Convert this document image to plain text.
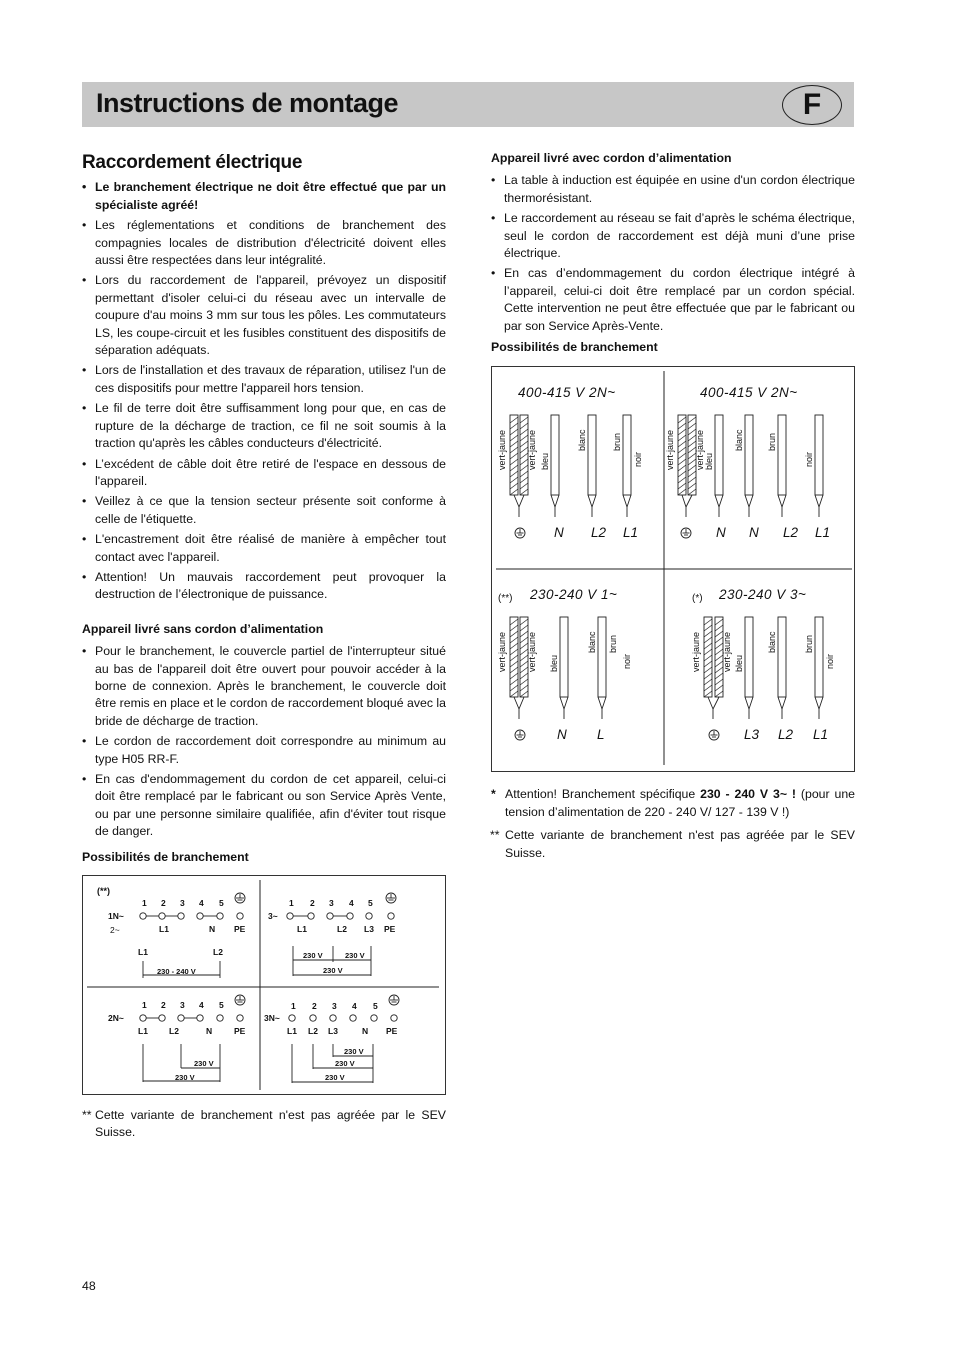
Instructions de montage	F
Raccordement électrique
• Le branchement électrique ne doit être effectué que par un spécialiste agréé!
• Les réglementations et conditions de branchement des compagnies locales de distribution d'électricité doivent elles aussi être respectées dans leur intégralité.
• Lors du raccordement de l'appareil, prévoyez un dispositif permettant d'isoler celui-ci du réseau avec un intervalle de coupure d'au moins 3 mm sur tous les pôles. Les commutateurs LS, les coupe-circuit et les fusibles constituent des dispositifs de séparation adéquats.
• Lors de l'installation et des travaux de réparation, utilisez l'un de ces dispositifs pour mettre l'appareil hors tension.
• Le fil de terre doit être suffisamment long pour que, en cas de rupture de la décharge de traction, ce fil ne soit soumis à la traction qu'après les câbles conducteurs d'électricité.
• L’excédent de câble doit être retiré de l'espace en dessous de l'appareil.
• Veillez à ce que la tension secteur présente soit conforme à celle de l'étiquette.
• L'encastrement doit être réalisé de manière à empêcher tout contact avec l'appareil.
• Attention! Un mauvais raccordement peut provoquer la destruction de l’électronique de puissance.
Appareil livré sans cordon d’alimentation
• Pour le branchement, le couvercle partiel de l'interrupteur situé au bas de l'appareil doit être ouvert pour pouvoir accéder à la borne de connexion. Après le branchement, le couvercle doit être remis en place et le cordon de raccordement bloqué avec la bride de décharge de traction.
• Le cordon de raccordement doit correspondre au minimum au type H05 RR-F.
• En cas d'endommagement du cordon de cet appareil, celui-ci doit être remplacé par le fabricant ou son Service Après Vente, ou par une personne similaire qualifiée, afin d'éviter tout risque de danger.
Possibilités de branchement
(**)
1 2 3 4 5
1N~
2~	L1	N PE
L1	L2
230 - 240 V
1 2 3 4 5
3~
L1	L2 L3 PE
230 V	230 V
230 V
1 2 3 4 5
2N~
L1 L2	N	PE
230 V
230 V
1 2 3 4 5
3N~
L1 L2 L3	N PE
230 V
230 V
230 V
** Cette variante de branchement n'est pas agréée par le SEV Suisse.
Appareil livré avec cordon d’alimentation
• La table à induction est équipée en usine d'un cordon électrique thermorésistant.
• Le raccordement au réseau se fait d’après le schéma électrique, seul le cordon de raccordement est déjà muni d’une prise électrique.
• En cas d’endommagement du cordon électrique intégré à l’appareil, celui-ci doit être remplacé par un cordon spécial. Cette intervention ne peut être effectuée que par le fabricant ou par son Service Après-Vente.
Possibilités de branchement
400-415 V 2N~
vert-jaune vert-jaune bleu
blanc	brun
noir
N L2 L1
400-415 V 2N~
vert-jaune vert-jaune bleu
blanc	brun
noir
N N L2 L1
(**) 230-240 V 1~
vert-jaune vert-jaune bleu
blanc brun
noir
N L
(*) 230-240 V 3~
vert-jaune vert-jaune bleu
blanc	brun
noir
L3 L2 L1
* Attention! Branchement spécifique 230 - 240 V 3~ ! (pour une tension d’alimentation de 220 - 240 V/ 127 - 139 V !)
** Cette variante de branchement n'est pas agréée par le SEV Suisse.
48
